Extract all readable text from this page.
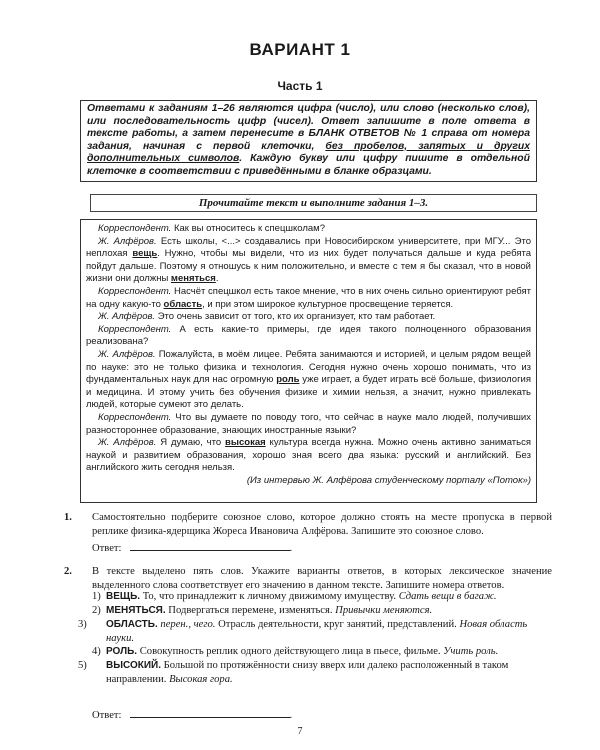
ВАРИАНТ 1
Часть 1
Ответами к заданиям 1–26 являются цифра (число), или слово (несколько слов), или последовательность цифр (чисел). Ответ запишите в поле ответа в тексте работы, а затем перенесите в БЛАНК ОТВЕТОВ № 1 справа от номера задания, начиная с первой клеточки, без пробелов, запятых и других дополнительных символов. Каждую букву или цифру пишите в отдельной клеточке в соответствии с приведёнными в бланке образцами.
Прочитайте текст и выполните задания 1–3.

Корреспондент. Как вы относитесь к спецшколам?

Ж. Алфёров. Есть школы, <...> создавались при Новосибирском университете, при МГУ... Это неплохая вещь. Нужно, чтобы мы видели, что из них будет получаться дальше и куда ребята пойдут дальше. Поэтому я отношусь к ним положительно, и вместе с тем я бы сказал, что в новой жизни они должны меняться.

Корреспондент. Насчёт спецшкол есть такое мнение, что в них очень сильно ориентируют ребят на одну какую-то область, и при этом широкое культурное просвещение теряется.

Ж. Алфёров. Это очень зависит от того, кто их организует, кто там работает.

Корреспондент. А есть какие-то примеры, где идея такого полноценного образования реализована?

Ж. Алфёров. Пожалуйста, в моём лицее. Ребята занимаются и историей, и целым рядом вещей по науке: это не только физика и технология. Сегодня нужно очень хорошо понимать, что из фундаментальных наук для нас огромную роль уже играет, а будет играть всё больше, физиология и медицина. И этому учить без обучения физике и химии нельзя, а значит, нужно привлекать людей, которые сумеют это делать.

Корреспондент. Что вы думаете по поводу того, что сейчас в науке мало людей, получивших разностороннее образование, знающих иностранные языки?

Ж. Алфёров. Я думаю, что высокая культура всегда нужна. Можно очень активно заниматься наукой и развитием образования, хорошо зная всего два языка: русский и английский. Без английского жить сегодня нельзя.

(Из интервью Ж. Алфёрова студенческому порталу «Поток»)

1. Самостоятельно подберите союзное слово, которое должно стоять на месте пропуска в первой реплике физика-ядерщика Жореса Ивановича Алфёрова. Запишите это союзное слово.
Ответ:	.
2. В тексте выделено пять слов. Укажите варианты ответов, в которых лексическое значение выделенного слова соответствует его значению в данном тексте. Запишите номера ответов.
1) ВЕЩЬ. То, что принадлежит к личному движимому имуществу. Сдать вещи в багаж.
2) МЕНЯТЬСЯ. Подвергаться перемене, изменяться. Привычки меняются.
3) ОБЛАСТЬ. перен., чего. Отрасль деятельности, круг занятий, представлений. Новая область науки.
4) РОЛЬ. Совокупность реплик одного действующего лица в пьесе, фильме. Учить роль.
5) ВЫСОКИЙ. Большой по протяжённости снизу вверх или далеко расположенный в таком направлении. Высокая гора.
Ответ:	.
7
